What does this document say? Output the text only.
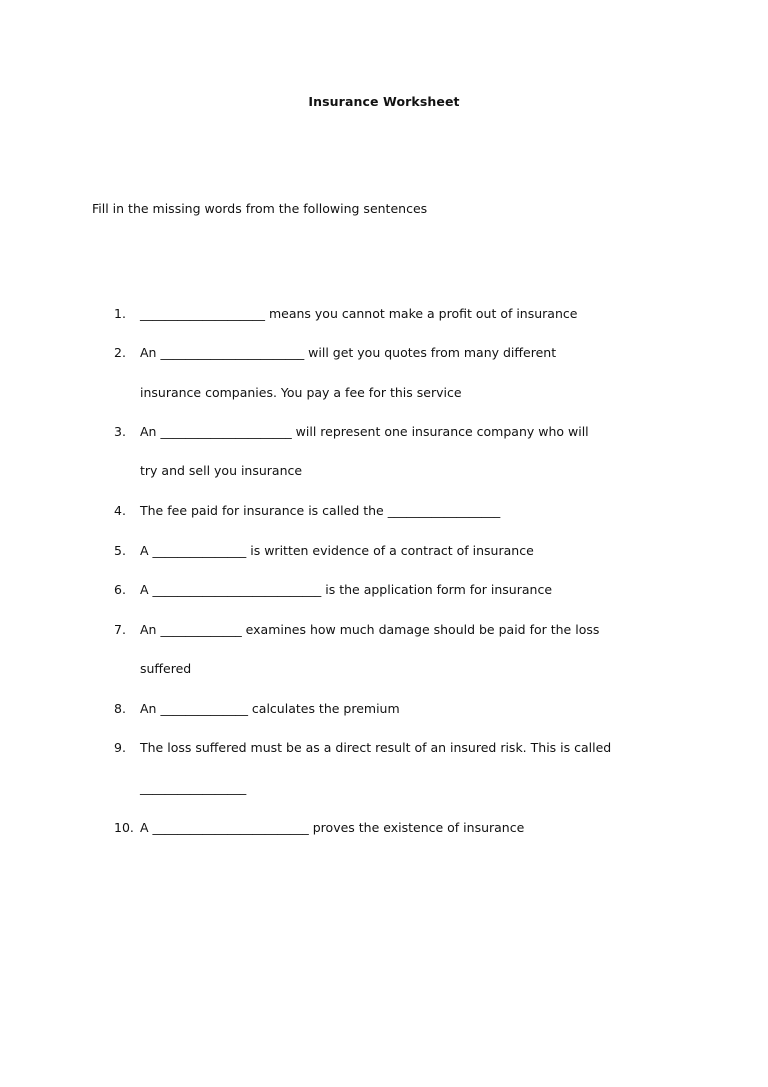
Insurance Worksheet
Fill in the missing words from the following sentences
1.	____________________ means you cannot make a profit out of insurance
2.	An _______________________ will get you quotes from many different
insurance companies. You pay a fee for this service
3.	An _____________________ will represent one insurance company who will
try and sell you insurance
4.	The fee paid for insurance is called the __________________
5.	A _______________ is written evidence of a contract of insurance
6.	A ___________________________ is the application form for insurance
7.	An _____________ examines how much damage should be paid for the loss
suffered
8.	An ______________ calculates the premium
9.	The loss suffered must be as a direct result of an insured risk. This is called
_________________
10. A _________________________ proves the existence of insurance
